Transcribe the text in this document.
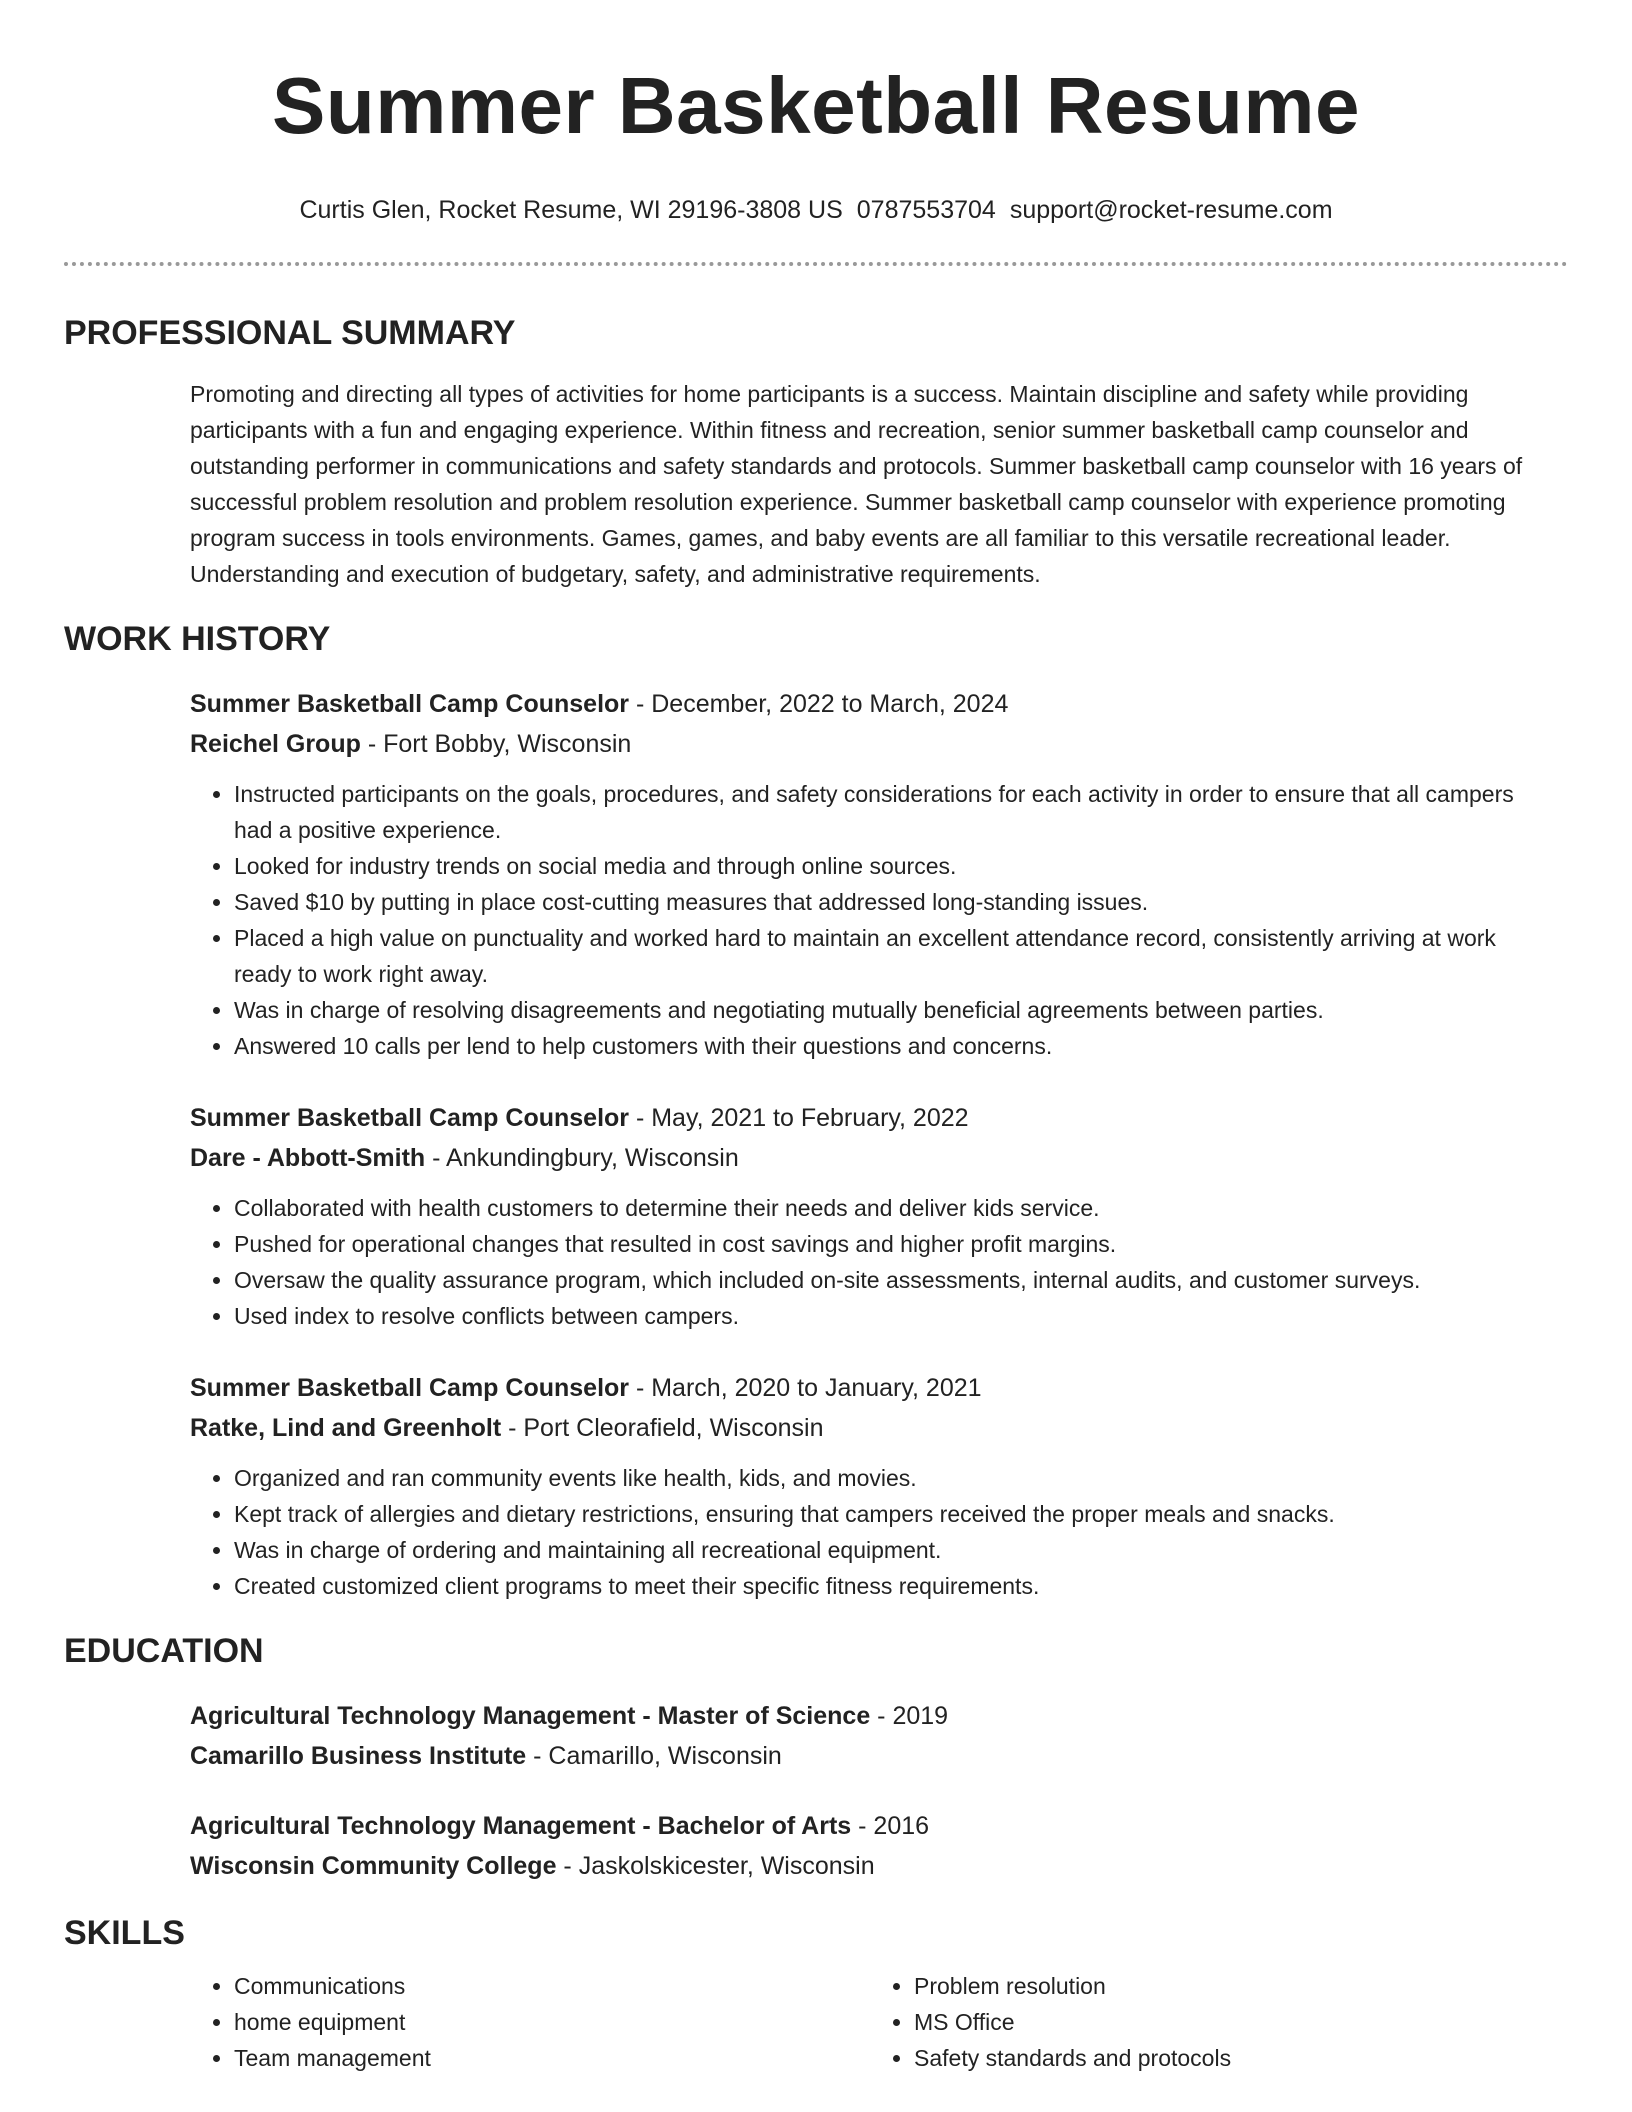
Summer Basketball Resume
Curtis Glen, Rocket Resume, WI 29196-3808 US 0787553704 support@rocket-resume.com
PROFESSIONAL SUMMARY
Promoting and directing all types of activities for home participants is a success. Maintain discipline and safety while providing participants with a fun and engaging experience. Within fitness and recreation, senior summer basketball camp counselor and outstanding performer in communications and safety standards and protocols. Summer basketball camp counselor with 16 years of successful problem resolution and problem resolution experience. Summer basketball camp counselor with experience promoting program success in tools environments. Games, games, and baby events are all familiar to this versatile recreational leader. Understanding and execution of budgetary, safety, and administrative requirements.
WORK HISTORY
Summer Basketball Camp Counselor - December, 2022 to March, 2024
Reichel Group - Fort Bobby, Wisconsin
• Instructed participants on the goals, procedures, and safety considerations for each activity in order to ensure that all campers had a positive experience.
• Looked for industry trends on social media and through online sources.
• Saved $10 by putting in place cost-cutting measures that addressed long-standing issues.
• Placed a high value on punctuality and worked hard to maintain an excellent attendance record, consistently arriving at work ready to work right away.
• Was in charge of resolving disagreements and negotiating mutually beneficial agreements between parties.
• Answered 10 calls per lend to help customers with their questions and concerns.
Summer Basketball Camp Counselor - May, 2021 to February, 2022
Dare - Abbott-Smith - Ankundingbury, Wisconsin
• Collaborated with health customers to determine their needs and deliver kids service.
• Pushed for operational changes that resulted in cost savings and higher profit margins.
• Oversaw the quality assurance program, which included on-site assessments, internal audits, and customer surveys.
• Used index to resolve conflicts between campers.
Summer Basketball Camp Counselor - March, 2020 to January, 2021
Ratke, Lind and Greenholt - Port Cleorafield, Wisconsin
• Organized and ran community events like health, kids, and movies.
• Kept track of allergies and dietary restrictions, ensuring that campers received the proper meals and snacks.
• Was in charge of ordering and maintaining all recreational equipment.
• Created customized client programs to meet their specific fitness requirements.
EDUCATION
Agricultural Technology Management - Master of Science - 2019
Camarillo Business Institute - Camarillo, Wisconsin
Agricultural Technology Management - Bachelor of Arts - 2016
Wisconsin Community College - Jaskolskicester, Wisconsin
SKILLS
• Communications
• home equipment
• Team management
• Problem resolution
• MS Office
• Safety standards and protocols
